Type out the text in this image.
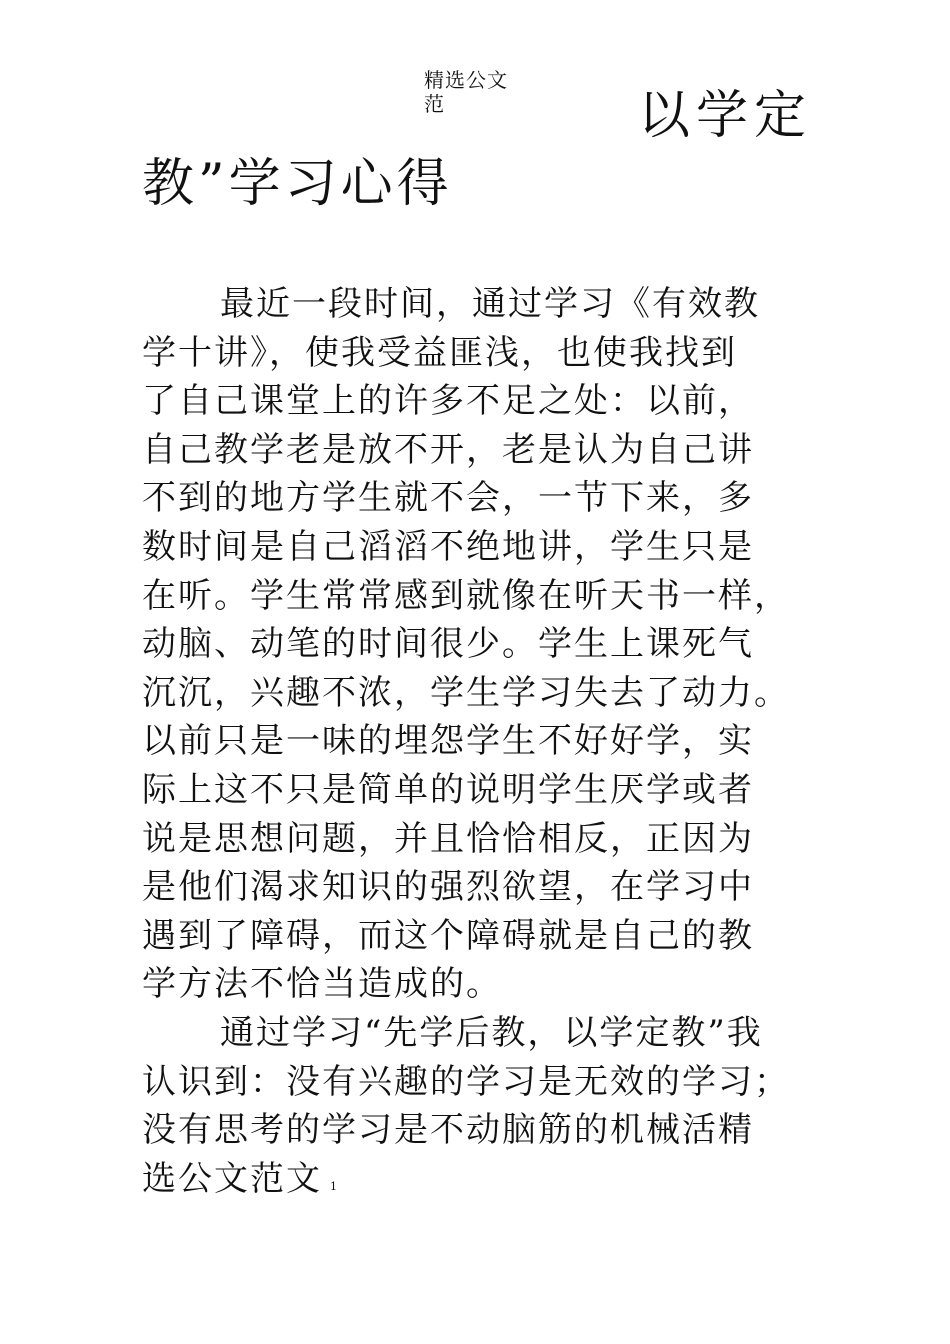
精选公文
范	以学定
教”学习心得
最近一段时间，通过学习《有效教
学十讲》，使我受益匪浅，也使我找到
了自己课堂上的许多不足之处：以前，
自己教学老是放不开，老是认为自己讲
不到的地方学生就不会，一节下来，多
数时间是自己滔滔不绝地讲，学生只是
在听。学生常常感到就像在听天书一样，
动脑、动笔的时间很少。学生上课死气
沉沉，兴趣不浓，学生学习失去了动力。
以前只是一味的埋怨学生不好好学，实
际上这不只是简单的说明学生厌学或者
说是思想问题，并且恰恰相反，正因为
是他们渴求知识的强烈欲望，在学习中
遇到了障碍，而这个障碍就是自己的教
学方法不恰当造成的。
通过学习“先学后教，以学定教”我
认识到：没有兴趣的学习是无效的学习；
没有思考的学习是不动脑筋的机械活精
选公文范文 1
